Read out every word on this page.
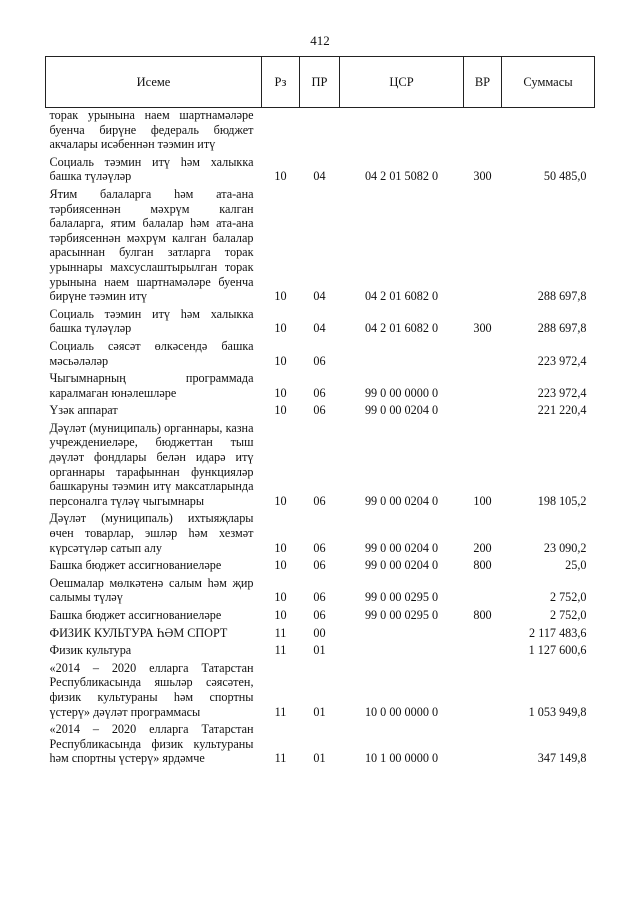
412
Исеме	Рз	ПР	ЦСР	ВР	Суммасы
торак урынына наем шартнамәләре буенча бирүне федераль бюджет акчалары исәбеннән тәэмин итү					
Социаль тәэмин итү һәм халыкка башка түләүләр	10	04	04 2 01 5082 0	300	50 485,0
Ятим балаларга һәм ата-ана тәрбиясеннән мәхрүм калган балаларга, ятим балалар һәм ата-ана тәрбиясеннән мәхрүм калган балалар арасыннан булган затларга торак урыннары махсуслаштырылган торак урынына наем шартнамәләре буенча бирүне тәэмин итү	10	04	04 2 01 6082 0		288 697,8
Социаль тәэмин итү һәм халыкка башка түләүләр	10	04	04 2 01 6082 0	300	288 697,8
Социаль сәясәт өлкәсендә башка мәсьәләләр	10	06			223 972,4
Чыгымнарның программада каралмаган юнәлешләре	10	06	99 0 00 0000 0		223 972,4
Үзәк аппарат	10	06	99 0 00 0204 0		221 220,4
Дәүләт (муниципаль) органнары, казна учреждениеләре, бюджеттан тыш дәүләт фондлары белән идарә итү органнары тарафыннан функцияләр башкаруны тәэмин итү максатларында персоналга түләү чыгымнары	10	06	99 0 00 0204 0	100	198 105,2
Дәүләт (муниципаль) ихтыяҗлары өчен товарлар, эшләр һәм хезмәт күрсәтүләр сатып алу	10	06	99 0 00 0204 0	200	23 090,2
Башка бюджет ассигнованиеләре	10	06	99 0 00 0204 0	800	25,0
Оешмалар мөлкәтенә салым һәм җир салымы түләү	10	06	99 0 00 0295 0		2 752,0
Башка бюджет ассигнованиеләре	10	06	99 0 00 0295 0	800	2 752,0
ФИЗИК КУЛЬТУРА ҺӘМ СПОРТ	11	00			2 117 483,6
Физик культура	11	01			1 127 600,6
«2014 – 2020 елларга Татарстан Республикасында яшьләр сәясәтен, физик культураны һәм спортны үстерү» дәүләт программасы	11	01	10 0 00 0000 0		1 053 949,8
«2014 – 2020 елларга Татарстан Республикасында физик культураны һәм спортны үстерү» ярдәмче	11	01	10 1 00 0000 0		347 149,8
